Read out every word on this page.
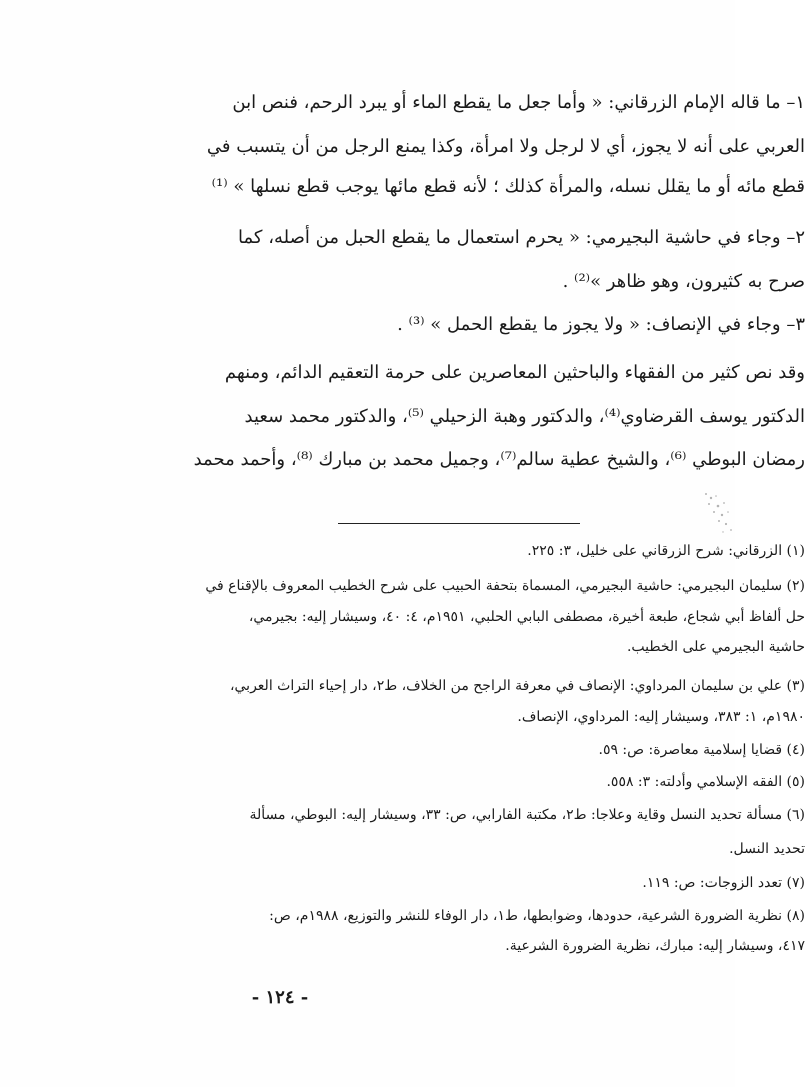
١– ما قاله الإمام الزرقاني: « وأما جعل ما يقطع الماء أو يبرد الرحم، فنص ابن
العربي على أنه لا يجوز، أي لا لرجل ولا امرأة، وكذا يمنع الرجل من أن يتسبب في
قطع مائه أو ما يقلل نسله، والمرأة كذلك ؛ لأنه قطع مائها يوجب قطع نسلها » ⁽¹⁾
٢– وجاء في حاشية البجيرمي: « يحرم استعمال ما يقطع الحبل من أصله، كما
صرح به كثيرون، وهو ظاهر »⁽²⁾ .
٣– وجاء في الإنصاف: « ولا يجوز ما يقطع الحمل » ⁽³⁾ .
وقد نص كثير من الفقهاء والباحثين المعاصرين على حرمة التعقيم الدائم، ومنهم
الدكتور يوسف القرضاوي⁽⁴⁾، والدكتور وهبة الزحيلي ⁽⁵⁾، والدكتور محمد سعيد
رمضان البوطي ⁽⁶⁾، والشيخ عطية سالم⁽⁷⁾، وجميل محمد بن مبارك ⁽⁸⁾، وأحمد محمد
(١) الزرقاني: شرح الزرقاني على خليل، ٣: ٢٢٥.
(٢) سليمان البجيرمي: حاشية البجيرمي، المسماة بتحفة الحبيب على شرح الخطيب المعروف بالإقناع في
حل ألفاظ أبي شجاع، طبعة أخيرة، مصطفى البابي الحلبي، ١٩٥١م، ٤: ٤٠، وسيشار إليه: بجيرمي،
حاشية البجيرمي على الخطيب.
(٣) علي بن سليمان المرداوي: الإنصاف في معرفة الراجح من الخلاف، ط٢، دار إحياء التراث العربي،
١٩٨٠م، ١: ٣٨٣، وسيشار إليه: المرداوي، الإنصاف.
(٤) قضايا إسلامية معاصرة: ص: ٥٩.
(٥) الفقه الإسلامي وأدلته: ٣: ٥٥٨.
(٦) مسألة تحديد النسل وقاية وعلاجا: ط٢، مكتبة الفارابي، ص: ٣٣، وسيشار إليه: البوطي، مسألة
تحديد النسل.
(٧) تعدد الزوجات: ص: ١١٩.
(٨) نظرية الضرورة الشرعية، حدودها، وضوابطها، ط١، دار الوفاء للنشر والتوزيع، ١٩٨٨م، ص:
٤١٧، وسيشار إليه: مبارك، نظرية الضرورة الشرعية.
- ١٢٤ -
